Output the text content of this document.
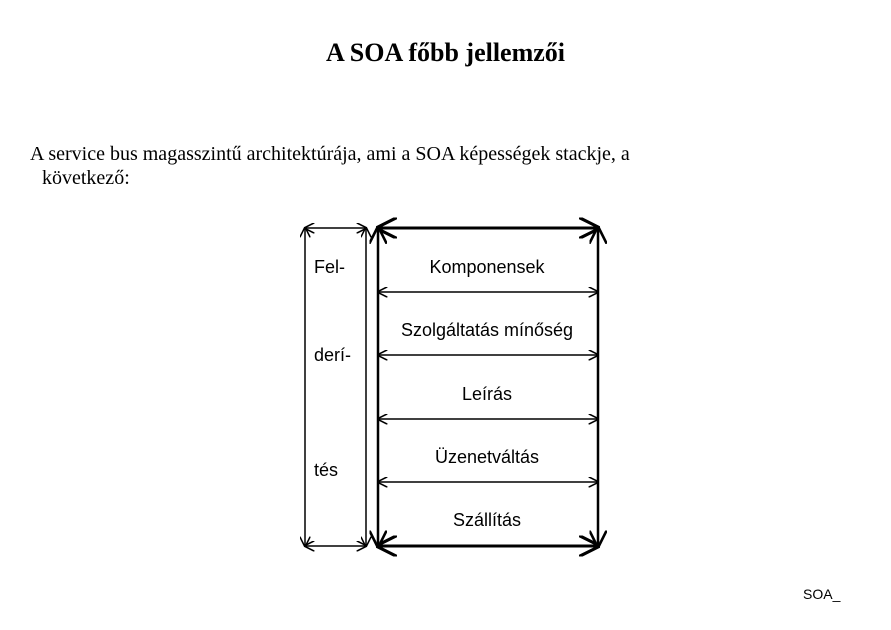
A SOA főbb jellemzői
A service bus magasszintű architektúrája, ami a SOA képességek stackje, a
következő:
Fel-
derí-
tés
Komponensek
Szolgáltatás mínőség
Leírás
Üzenetváltás
Szállítás
SOA_
